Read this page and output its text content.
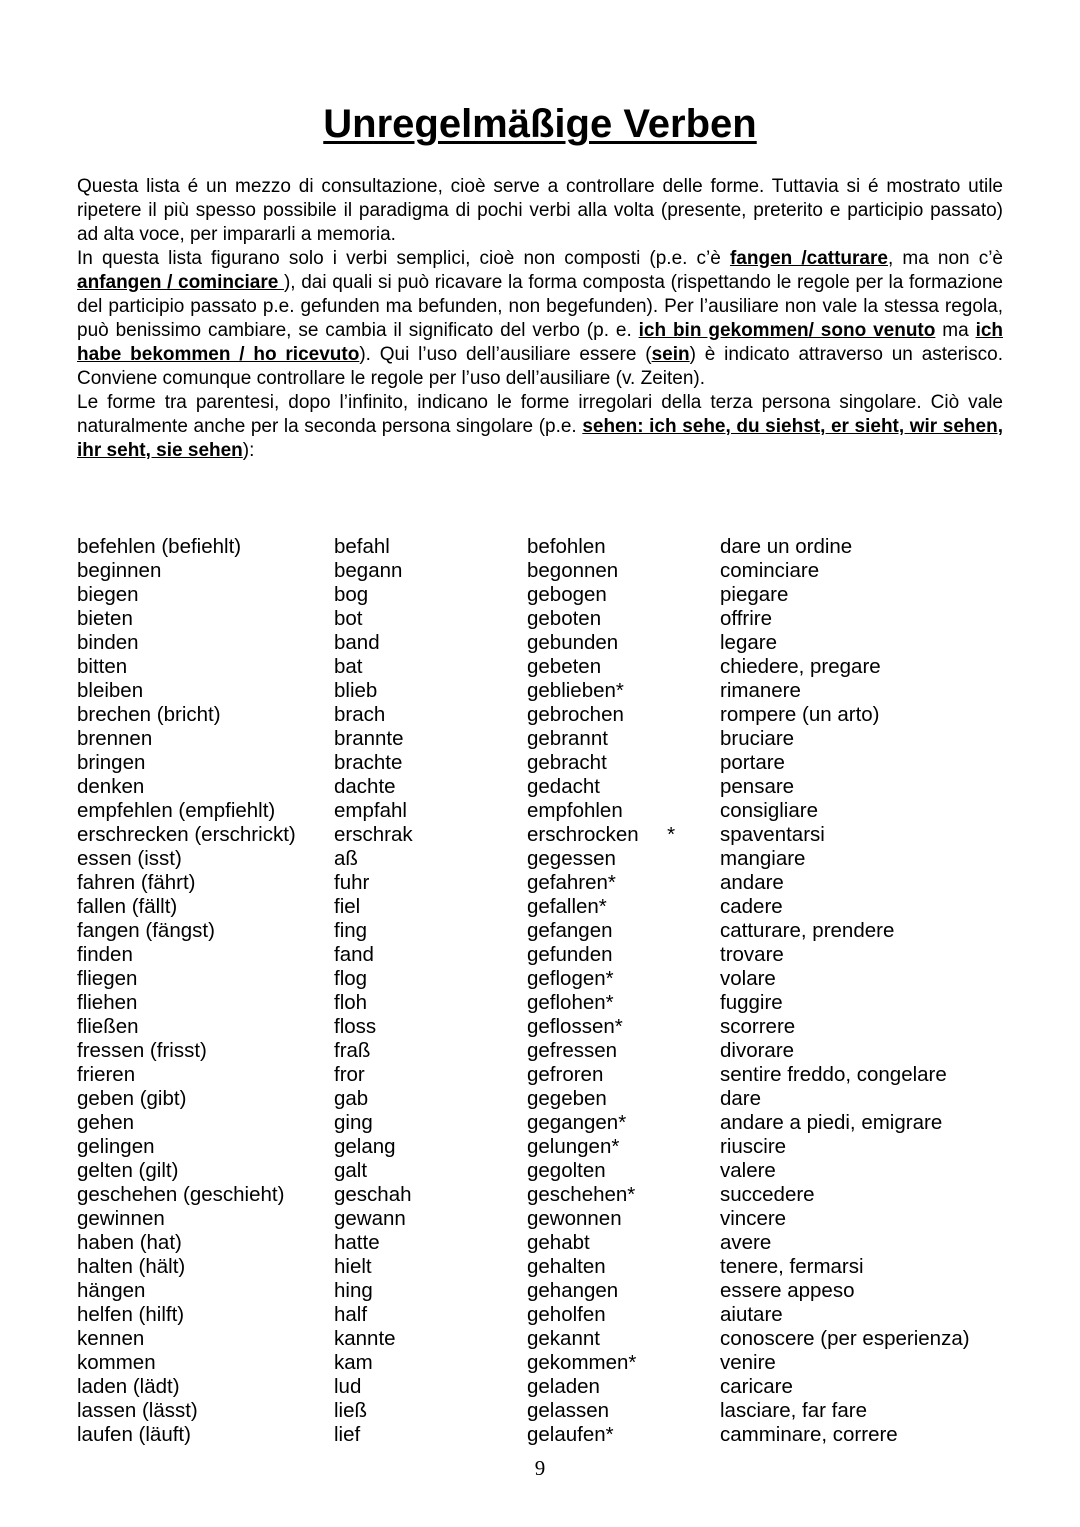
Unregelmäßige Verben

Questa lista é un mezzo di consultazione, cioè serve a controllare delle forme. Tuttavia si é mostrato utile ripetere il più spesso possibile il paradigma di pochi verbi alla volta (presente, preterito e participio passato) ad alta voce, per impararli a memoria.

In questa lista figurano solo i verbi semplici, cioè non composti (p.e. c’è fangen /catturare, ma non c’è anfangen / cominciare ), dai quali si può ricavare la forma composta (rispettando le regole per la formazione del participio passato p.e. gefunden ma befunden, non begefunden). Per l’ausiliare non vale la stessa regola, può benissimo cambiare, se cambia il significato del verbo (p. e. ich bin gekommen/ sono venuto ma ich habe bekommen / ho ricevuto). Qui l’uso dell’ausiliare essere (sein) è indicato attraverso un asterisco. Conviene comunque controllare le regole per l’uso dell’ausiliare (v. Zeiten).

Le forme tra parentesi, dopo l’infinito, indicano le forme irregolari della terza persona singolare. Ciò vale naturalmente anche per la seconda persona singolare (p.e. sehen: ich sehe, du siehst, er sieht, wir sehen, ihr seht, sie sehen):

befehlen (befiehlt)	befahl	befohlen	dare un ordine
beginnen	begann	begonnen	cominciare
biegen	bog	gebogen	piegare
bieten	bot	geboten	offrire
binden	band	gebunden	legare
bitten	bat	gebeten	chiedere, pregare
bleiben	blieb	geblieben*	rimanere
brechen (bricht)	brach	gebrochen	rompere (un arto)
brennen	brannte	gebrannt	bruciare
bringen	brachte	gebracht	portare
denken	dachte	gedacht	pensare
empfehlen (empfiehlt)	empfahl	empfohlen	consigliare
erschrecken (erschrickt)	erschrak	erschrocken     *	spaventarsi
essen (isst)	aß	gegessen	mangiare
fahren (fährt)	fuhr	gefahren*	andare
fallen (fällt)	fiel	gefallen*	cadere
fangen (fängst)	fing	gefangen	catturare, prendere
finden	fand	gefunden	trovare
fliegen	flog	geflogen*	volare
fliehen	floh	geflohen*	fuggire
fließen	floss	geflossen*	scorrere
fressen (frisst)	fraß	gefressen	divorare
frieren	fror	gefroren	sentire freddo, congelare
geben (gibt)	gab	gegeben	dare
gehen	ging	gegangen*	andare a piedi, emigrare
gelingen	gelang	gelungen*	riuscire
gelten (gilt)	galt	gegolten	valere
geschehen (geschieht)	geschah	geschehen*	succedere
gewinnen	gewann	gewonnen	vincere
haben (hat)	hatte	gehabt	avere
halten (hält)	hielt	gehalten	tenere, fermarsi
hängen	hing	gehangen	essere appeso
helfen (hilft)	half	geholfen	aiutare
kennen	kannte	gekannt	conoscere (per esperienza)
kommen	kam	gekommen*	venire
laden (lädt)	lud	geladen	caricare
lassen (lässt)	ließ	gelassen	lasciare, far fare
laufen (läuft)	lief	gelaufen*	camminare, correre
9
